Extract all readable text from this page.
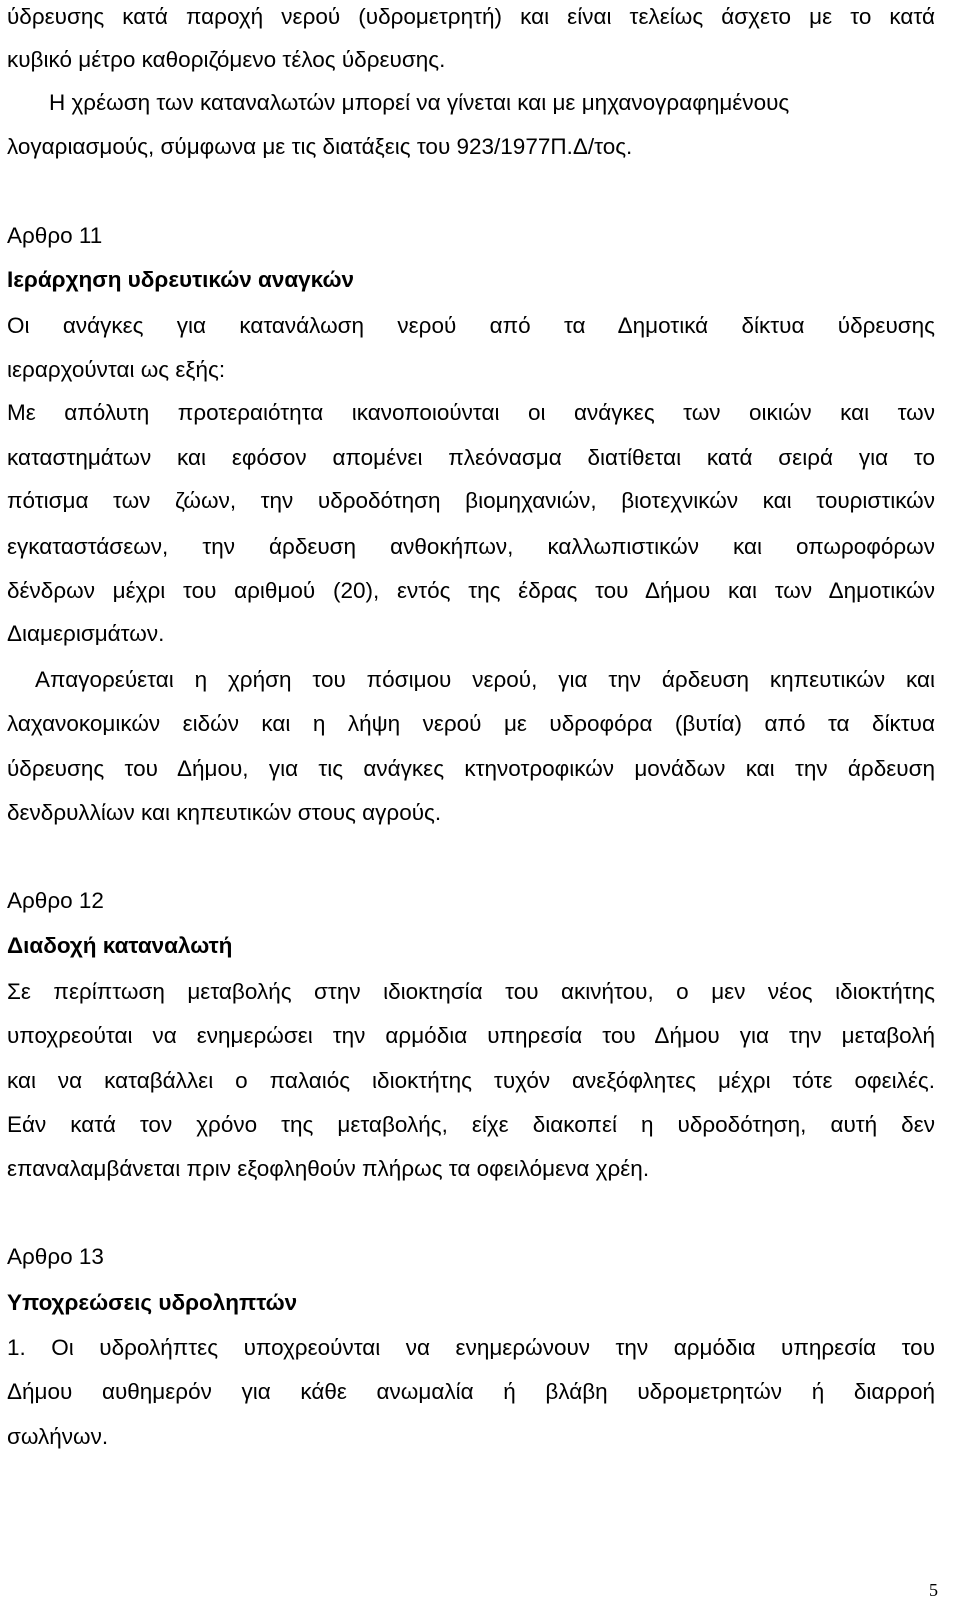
ύδρευσης κατά παροχή νερού (υδρομετρητή) και είναι τελείως άσχετο με το κατά
κυβικό μέτρο καθοριζόμενο τέλος ύδρευσης.
Η χρέωση των καταναλωτών μπορεί να γίνεται και με μηχανογραφημένους
λογαριασμούς, σύμφωνα με τις διατάξεις του 923/1977Π.Δ/τος.
Αρθρο 11
Ιεράρχηση υδρευτικών αναγκών
Οι ανάγκες για κατανάλωση νερού από τα Δημοτικά δίκτυα ύδρευσης
ιεραρχούνται ως εξής:
Με απόλυτη προτεραιότητα ικανοποιούνται οι ανάγκες των οικιών και των
καταστημάτων και εφόσον απομένει πλεόνασμα διατίθεται κατά σειρά για το
πότισμα των ζώων, την υδροδότηση βιομηχανιών, βιοτεχνικών και τουριστικών
εγκαταστάσεων, την άρδευση ανθοκήπων, καλλωπιστικών και οπωροφόρων
δένδρων μέχρι του αριθμού (20), εντός της έδρας του Δήμου και των Δημοτικών
Διαμερισμάτων.
Απαγορεύεται η χρήση του πόσιμου νερού, για την άρδευση κηπευτικών και
λαχανοκομικών ειδών και η λήψη νερού με υδροφόρα (βυτία) από τα δίκτυα
ύδρευσης του Δήμου, για τις ανάγκες κτηνοτροφικών μονάδων και την άρδευση
δενδρυλλίων και κηπευτικών στους αγρούς.
Αρθρο 12
Διαδοχή καταναλωτή
Σε περίπτωση μεταβολής στην ιδιοκτησία του ακινήτου, ο μεν νέος ιδιοκτήτης
υποχρεούται να ενημερώσει την αρμόδια υπηρεσία του Δήμου για την μεταβολή
και να καταβάλλει ο παλαιός ιδιοκτήτης τυχόν ανεξόφλητες μέχρι τότε οφειλές.
Εάν κατά τον χρόνο της μεταβολής, είχε διακοπεί η υδροδότηση, αυτή δεν
επαναλαμβάνεται πριν εξοφληθούν πλήρως τα οφειλόμενα χρέη.
Αρθρο 13
Υποχρεώσεις υδροληπτών
1. Οι υδρολήπτες υποχρεούνται να ενημερώνουν την αρμόδια υπηρεσία του
Δήμου αυθημερόν για κάθε ανωμαλία ή βλάβη υδρομετρητών ή διαρροή
σωλήνων.
5
